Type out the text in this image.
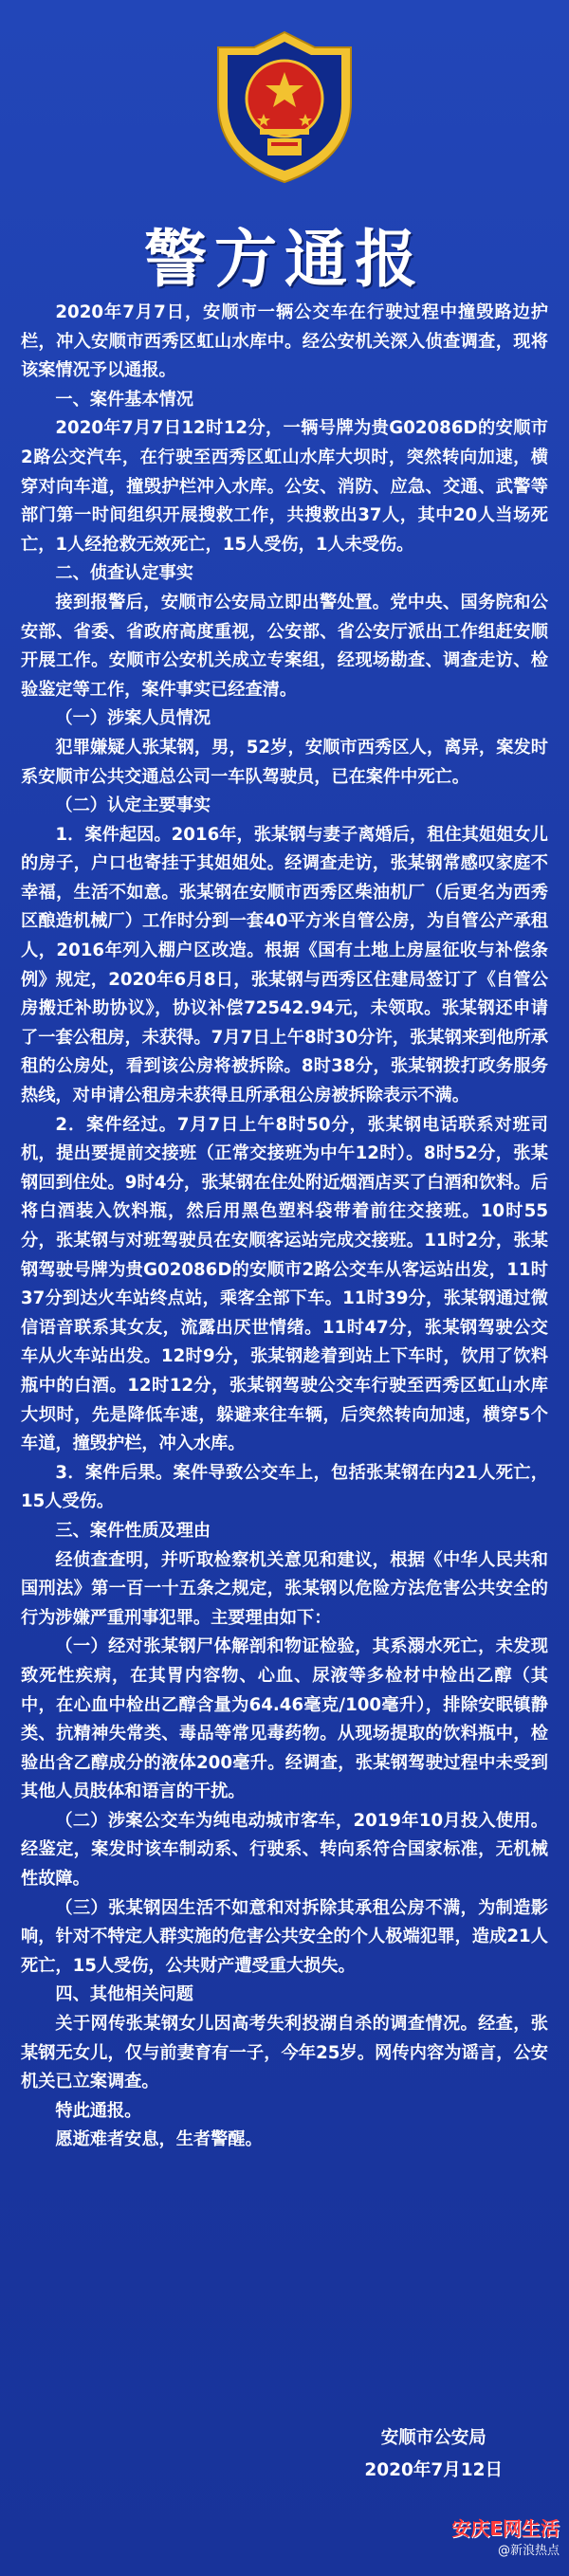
警方通报

2020年7月7日，安顺市一辆公交车在行驶过程中撞毁路边护栏，冲入安顺市西秀区虹山水库中。经公安机关深入侦查调查，现将该案情况予以通报。

一、案件基本情况

2020年7月7日12时12分，一辆号牌为贵G02086D的安顺市2路公交汽车，在行驶至西秀区虹山水库大坝时，突然转向加速，横穿对向车道，撞毁护栏冲入水库。公安、消防、应急、交通、武警等部门第一时间组织开展搜救工作，共搜救出37人，其中20人当场死亡，1人经抢救无效死亡，15人受伤，1人未受伤。

二、侦查认定事实

接到报警后，安顺市公安局立即出警处置。党中央、国务院和公安部、省委、省政府高度重视，公安部、省公安厅派出工作组赶安顺开展工作。安顺市公安机关成立专案组，经现场勘查、调查走访、检验鉴定等工作，案件事实已经查清。

（一）涉案人员情况

犯罪嫌疑人张某钢，男，52岁，安顺市西秀区人，离异，案发时系安顺市公共交通总公司一车队驾驶员，已在案件中死亡。

（二）认定主要事实

1．案件起因。2016年，张某钢与妻子离婚后，租住其姐姐女儿的房子，户口也寄挂于其姐姐处。经调查走访，张某钢常感叹家庭不幸福，生活不如意。张某钢在安顺市西秀区柴油机厂（后更名为西秀区酿造机械厂）工作时分到一套40平方米自管公房，为自管公产承租人，2016年列入棚户区改造。根据《国有土地上房屋征收与补偿条例》规定，2020年6月8日，张某钢与西秀区住建局签订了《自管公房搬迁补助协议》，协议补偿72542.94元，未领取。张某钢还申请了一套公租房，未获得。7月7日上午8时30分许，张某钢来到他所承租的公房处，看到该公房将被拆除。8时38分，张某钢拨打政务服务热线，对申请公租房未获得且所承租公房被拆除表示不满。

2．案件经过。7月7日上午8时50分，张某钢电话联系对班司机，提出要提前交接班（正常交接班为中午12时）。8时52分，张某钢回到住处。9时4分，张某钢在住处附近烟酒店买了白酒和饮料。后将白酒装入饮料瓶，然后用黑色塑料袋带着前往交接班。10时55分，张某钢与对班驾驶员在安顺客运站完成交接班。11时2分，张某钢驾驶号牌为贵G02086D的安顺市2路公交车从客运站出发，11时37分到达火车站终点站，乘客全部下车。11时39分，张某钢通过微信语音联系其女友，流露出厌世情绪。11时47分，张某钢驾驶公交车从火车站出发。12时9分，张某钢趁着到站上下车时，饮用了饮料瓶中的白酒。12时12分，张某钢驾驶公交车行驶至西秀区虹山水库大坝时，先是降低车速，躲避来往车辆，后突然转向加速，横穿5个车道，撞毁护栏，冲入水库。

3．案件后果。案件导致公交车上，包括张某钢在内21人死亡，15人受伤。

三、案件性质及理由

经侦查查明，并听取检察机关意见和建议，根据《中华人民共和国刑法》第一百一十五条之规定，张某钢以危险方法危害公共安全的行为涉嫌严重刑事犯罪。主要理由如下：

（一）经对张某钢尸体解剖和物证检验，其系溺水死亡，未发现致死性疾病，在其胃内容物、心血、尿液等多检材中检出乙醇（其中，在心血中检出乙醇含量为64.46毫克/100毫升），排除安眠镇静类、抗精神失常类、毒品等常见毒药物。从现场提取的饮料瓶中，检验出含乙醇成分的液体200毫升。经调查，张某钢驾驶过程中未受到其他人员肢体和语言的干扰。

（二）涉案公交车为纯电动城市客车，2019年10月投入使用。经鉴定，案发时该车制动系、行驶系、转向系符合国家标准，无机械性故障。

（三）张某钢因生活不如意和对拆除其承租公房不满，为制造影响，针对不特定人群实施的危害公共安全的个人极端犯罪，造成21人死亡，15人受伤，公共财产遭受重大损失。

四、其他相关问题

关于网传张某钢女儿因高考失利投湖自杀的调查情况。经查，张某钢无女儿，仅与前妻育有一子，今年25岁。网传内容为谣言，公安机关已立案调查。

特此通报。

愿逝难者安息，生者警醒。

安顺市公安局
2020年7月12日
安庆E网生活
@新浪热点
